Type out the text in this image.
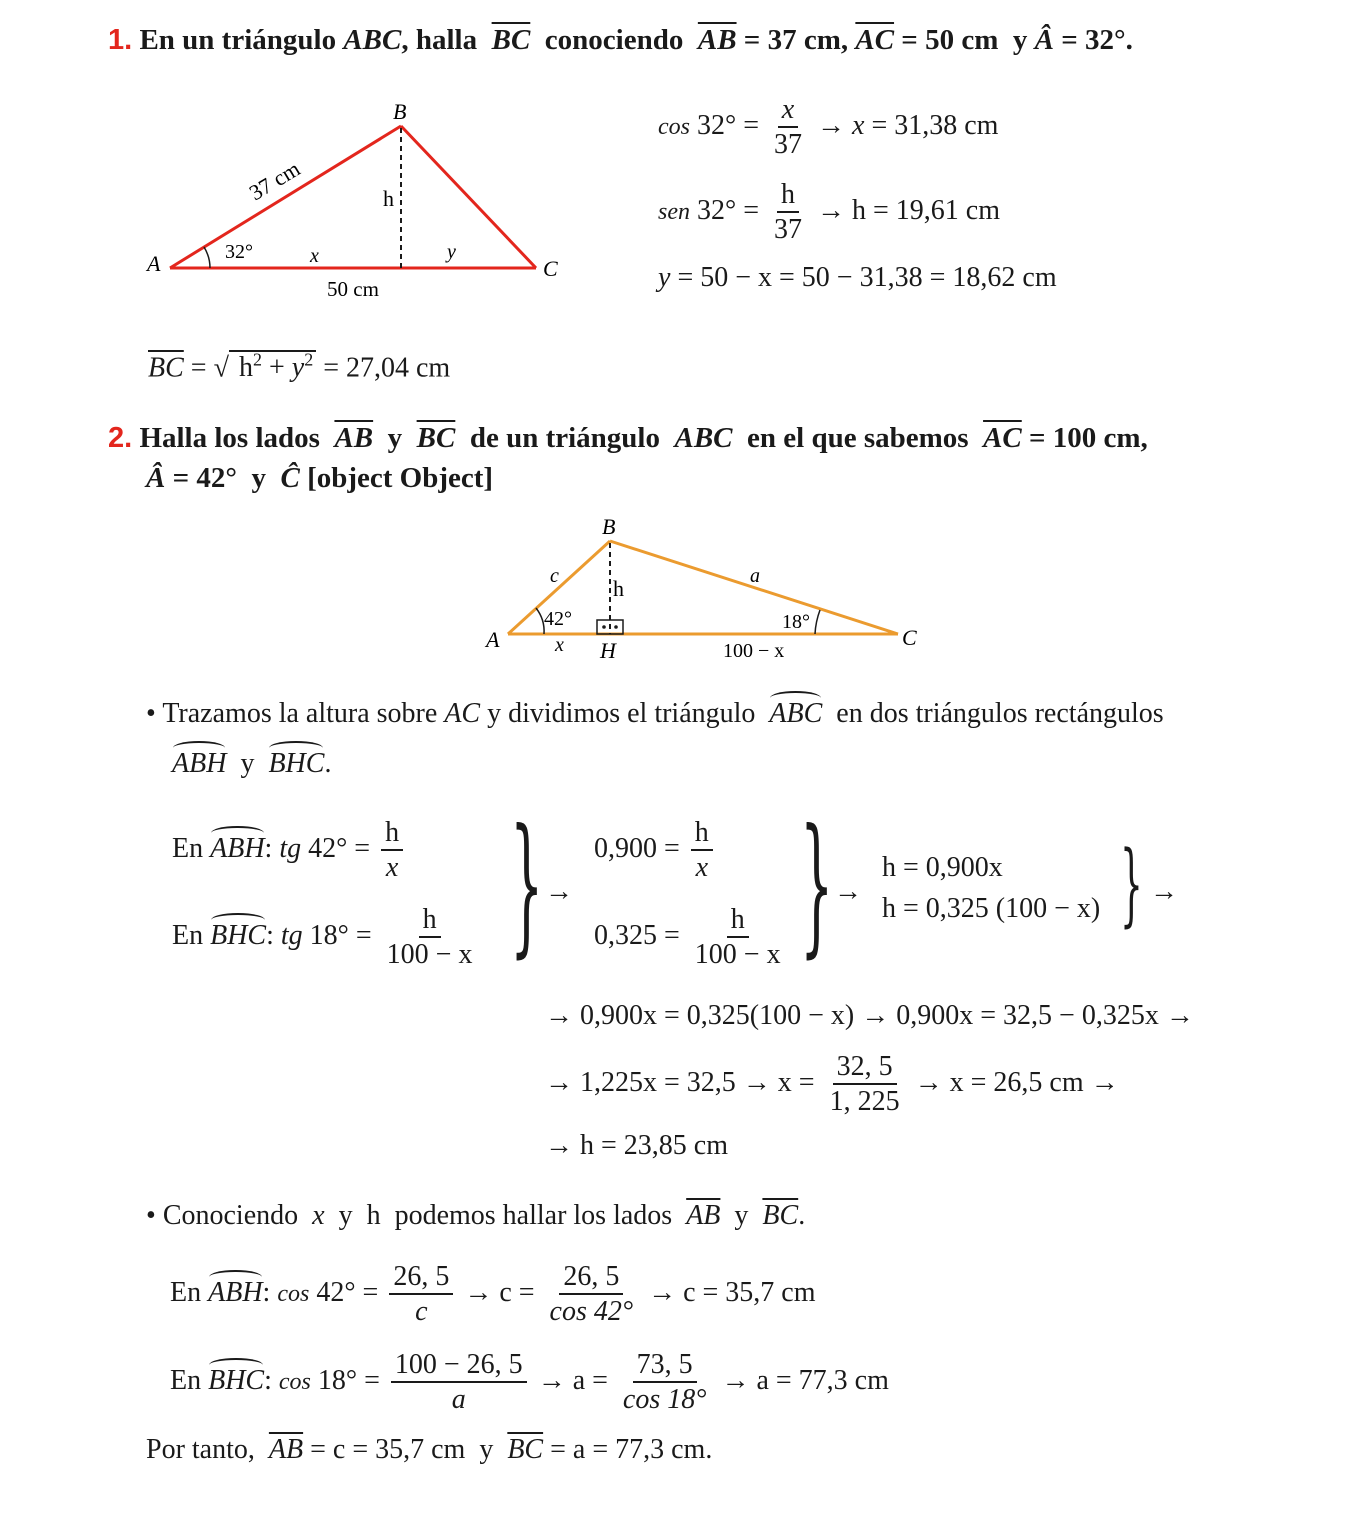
1. En un triángulo ABC, halla $\overline{BC}$ conociendo $\overline{AB} = 37$ cm, $\overline{AC} = 50$ cm y Â = 32°.
B
A	C
37 cm
32°	x	y
h
50 cm
$\cos 32^\circ = \frac{x}{37} \to x = 31,38$ cm
sen $32^\circ = \frac{h}{37} \to h = 19,61$ cm
y = 50 − x = 50 − 31,38 = 18,62 cm
$\overline{BC}$ = √ $h^2 + y^2 = 27,04$ cm
2. Halla los lados $\overline{AB}$ y $\overline{BC}$ de un triángulo ABC en el que sabemos $\overline{AC} = 100$ cm,
Â = 42° y Ĉ [object Object]
B
A	C
H
c	a
h
x
42°	18°
100 − x
• Trazamos la altura sobre AC y dividimos el triángulo ABC en dos triángulos rectángulos
ABH y BHC.
En ABH: tg $42^\circ = \frac{h}{x}$
En BHC: tg $18^\circ = \frac{h}{100 - x}$ } →
$0,900 = \frac{h}{x}$
$0,325 = \frac{h}{100 - x}$ } →
h = 0,900x
h = 0,325 (100 − x) } →
→ 0,900x = 0,325(100 − x) → 0,900x = 32,5 − 0,325x →
→ $1,225x = 32,5 \to x = \frac{32, 5}{1, 225} \to x = 26,5$ cm →
→ h = 23,85 cm
• Conociendo x y h podemos hallar los lados $\overline{AB}$ y $\overline{BC}$.
En ABH: $\cos 42^\circ = \frac{26, 5}{c} \to c = \frac{26, 5}{\cos 42^\circ} \to c = 35,7$ cm
En BHC: $\cos 18^\circ = \frac{100 - 26, 5}{a} \to a = \frac{73, 5}{\cos 18^\circ} \to a = 77,3$ cm
Por tanto, $\overline{AB} = c = 35,7$ cm y $\overline{BC} = a = 77,3$ cm.
